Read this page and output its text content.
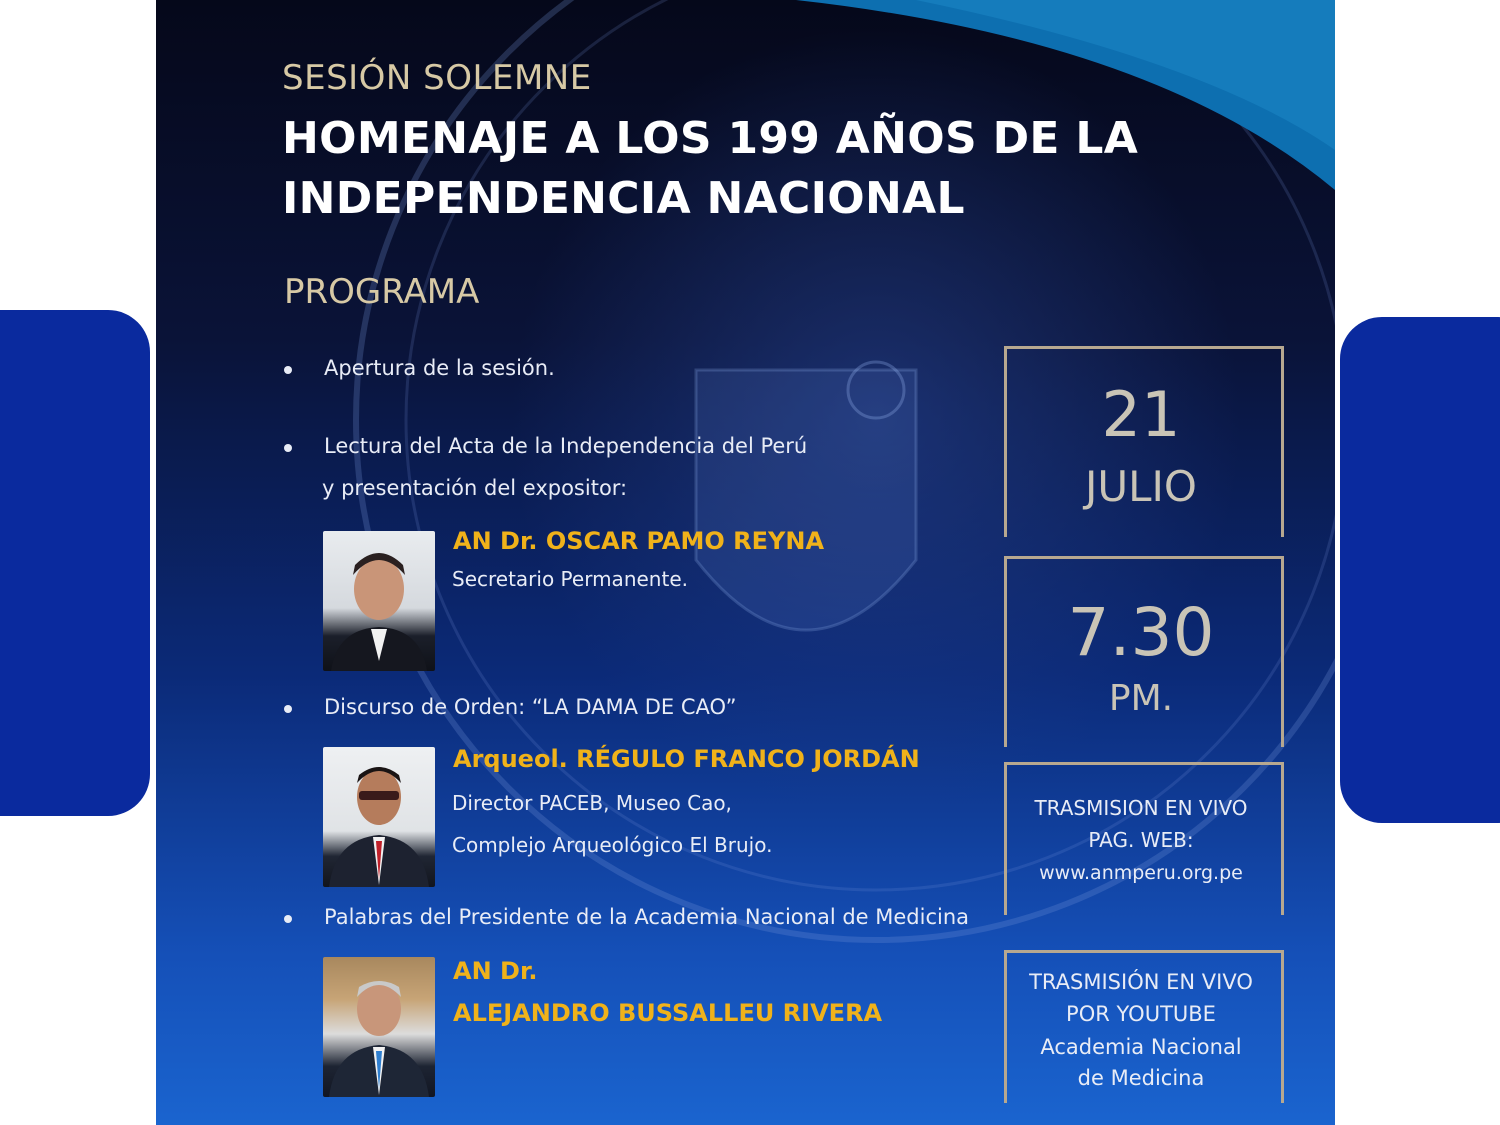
SESIÓN SOLEMNE
HOMENAJE A LOS 199 AÑOS DE LA
INDEPENDENCIA NACIONAL
PROGRAMA
Apertura de la sesión.
Lectura del Acta de la Independencia del Perú
y presentación del expositor:
AN Dr. OSCAR PAMO REYNA
Secretario Permanente.
Discurso de Orden: “LA DAMA DE CAO”
Arqueol. RÉGULO FRANCO JORDÁN
Director PACEB, Museo Cao,
Complejo Arqueológico El Brujo.
Palabras del Presidente de la Academia Nacional de Medicina
AN Dr.
ALEJANDRO BUSSALLEU RIVERA
21
JULIO
7.30
PM.
TRASMISION EN VIVO
PAG. WEB:
www.anmperu.org.pe
TRASMISIÓN EN VIVO
POR YOUTUBE
Academia Nacional
de Medicina
